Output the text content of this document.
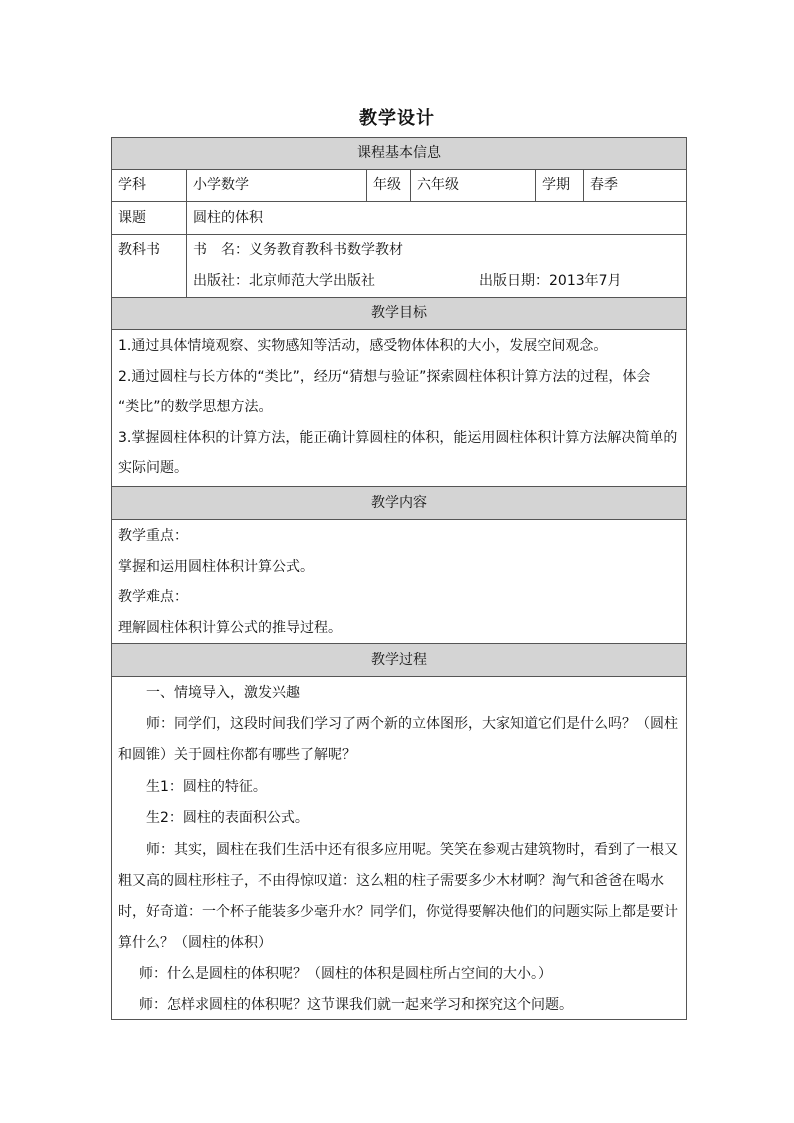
教学设计
课程基本信息
学科	小学数学	年级	六年级	学期	春季
课题	圆柱的体积
教科书	书　名：义务教育教科书数学教材
出版社：北京师范大学出版社	出版日期：2013年7月
教学目标
1.通过具体情境观察、实物感知等活动，感受物体体积的大小，发展空间观念。
2.通过圆柱与长方体的“类比”，经历“猜想与验证”探索圆柱体积计算方法的过程，体会
“类比”的数学思想方法。
3.掌握圆柱体积的计算方法，能正确计算圆柱的体积，能运用圆柱体积计算方法解决简单的
实际问题。
教学内容
教学重点：
掌握和运用圆柱体积计算公式。
教学难点：
理解圆柱体积计算公式的推导过程。
教学过程
一、情境导入，激发兴趣
师：同学们，这段时间我们学习了两个新的立体图形，大家知道它们是什么吗？（圆柱
和圆锥）关于圆柱你都有哪些了解呢？
生1：圆柱的特征。
生2：圆柱的表面积公式。
师：其实，圆柱在我们生活中还有很多应用呢。笑笑在参观古建筑物时，看到了一根又
粗又高的圆柱形柱子，不由得惊叹道：这么粗的柱子需要多少木材啊？淘气和爸爸在喝水
时，好奇道：一个杯子能装多少毫升水？同学们，你觉得要解决他们的问题实际上都是要计
算什么？（圆柱的体积）
师：什么是圆柱的体积呢？（圆柱的体积是圆柱所占空间的大小。）
师：怎样求圆柱的体积呢？这节课我们就一起来学习和探究这个问题。
